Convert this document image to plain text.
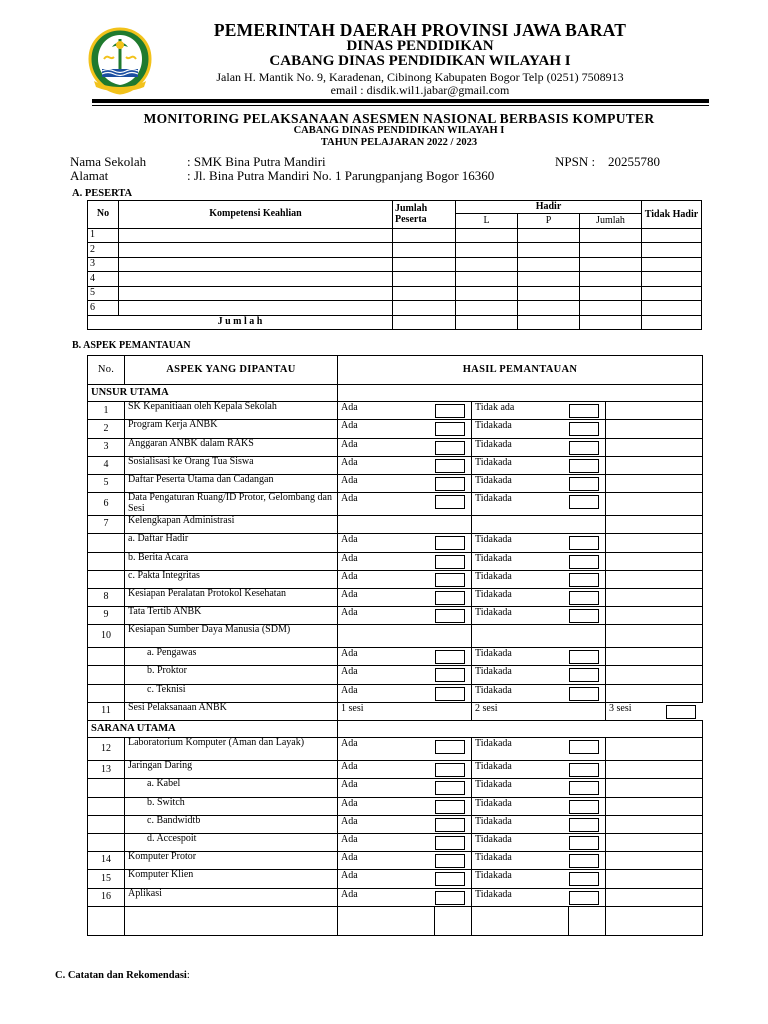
PEMERINTAH DAERAH PROVINSI JAWA BARAT
DINAS PENDIDIKAN
CABANG DINAS PENDIDIKAN WILAYAH I
Jalan H. Mantik No. 9, Karadenan, Cibinong Kabupaten Bogor Telp (0251) 7508913
email : disdik.wil1.jabar@gmail.com
MONITORING PELAKSANAAN ASESMEN NASIONAL BERBASIS KOMPUTER
CABANG DINAS PENDIDIKAN WILAYAH I
TAHUN PELAJARAN 2022 / 2023
Nama Sekolah	: SMK Bina Putra Mandiri	NPSN : 20255780
Alamat	: Jl. Bina Putra Mandiri No. 1 Parungpanjang Bogor 16360
A. PESERTA
No	Kompetensi Keahlian	Jumlah Peserta	Hadir			Tidak Hadir
			L	P	Jumlah	
1						
2						
3						
4						
5						
6						
J u m l a h						
B. ASPEK PEMANTAUAN
No.	ASPEK YANG DIPANTAU	HASIL PEMANTAUAN				
UNSUR UTAMA						
1	SK Kepanitiaan oleh Kepala Sekolah	Ada		Tidak ada	

2	Program Kerja ANBK	Ada		Tidakada	

3	Anggaran ANBK dalam RAKS	Ada		Tidakada	

4	Sosialisasi ke Orang Tua Siswa	Ada		Tidakada	

5	Daftar Peserta Utama dan Cadangan	Ada		Tidakada	

6	Data Pengaturan Ruang/ID Protor, Gelombang dan Sesi	Ada		Tidakada	

7	Kelengkapan Administrasi					
	a. Daftar Hadir	Ada		Tidakada	

	b. Berita Acara	Ada		Tidakada	

	c. Pakta Integritas	Ada		Tidakada	

8	Kesiapan Peralatan Protokol Kesehatan	Ada		Tidakada	

9	Tata Tertib ANBK	Ada		Tidakada	

10	Kesiapan Sumber Daya Manusia (SDM)					
	a. Pengawas	Ada		Tidakada	

	b. Proktor	Ada		Tidakada	

	c. Teknisi	Ada		Tidakada	

11	Sesi Pelaksanaan ANBK	1 sesi		2 sesi		3 sesi

SARANA UTAMA						
12	Laboratorium Komputer (Aman dan Layak)	Ada		Tidakada	

13	Jaringan Daring	Ada		Tidakada	

	a. Kabel	Ada		Tidakada	

	b. Switch	Ada		Tidakada	

	c. Bandwidtb	Ada		Tidakada	

	d. Accespoit	Ada		Tidakada	

14	Komputer Protor	Ada		Tidakada	

15	Komputer Klien	Ada		Tidakada	

16	Aplikasi	Ada		Tidakada	

C. Catatan dan Rekomendasi:
